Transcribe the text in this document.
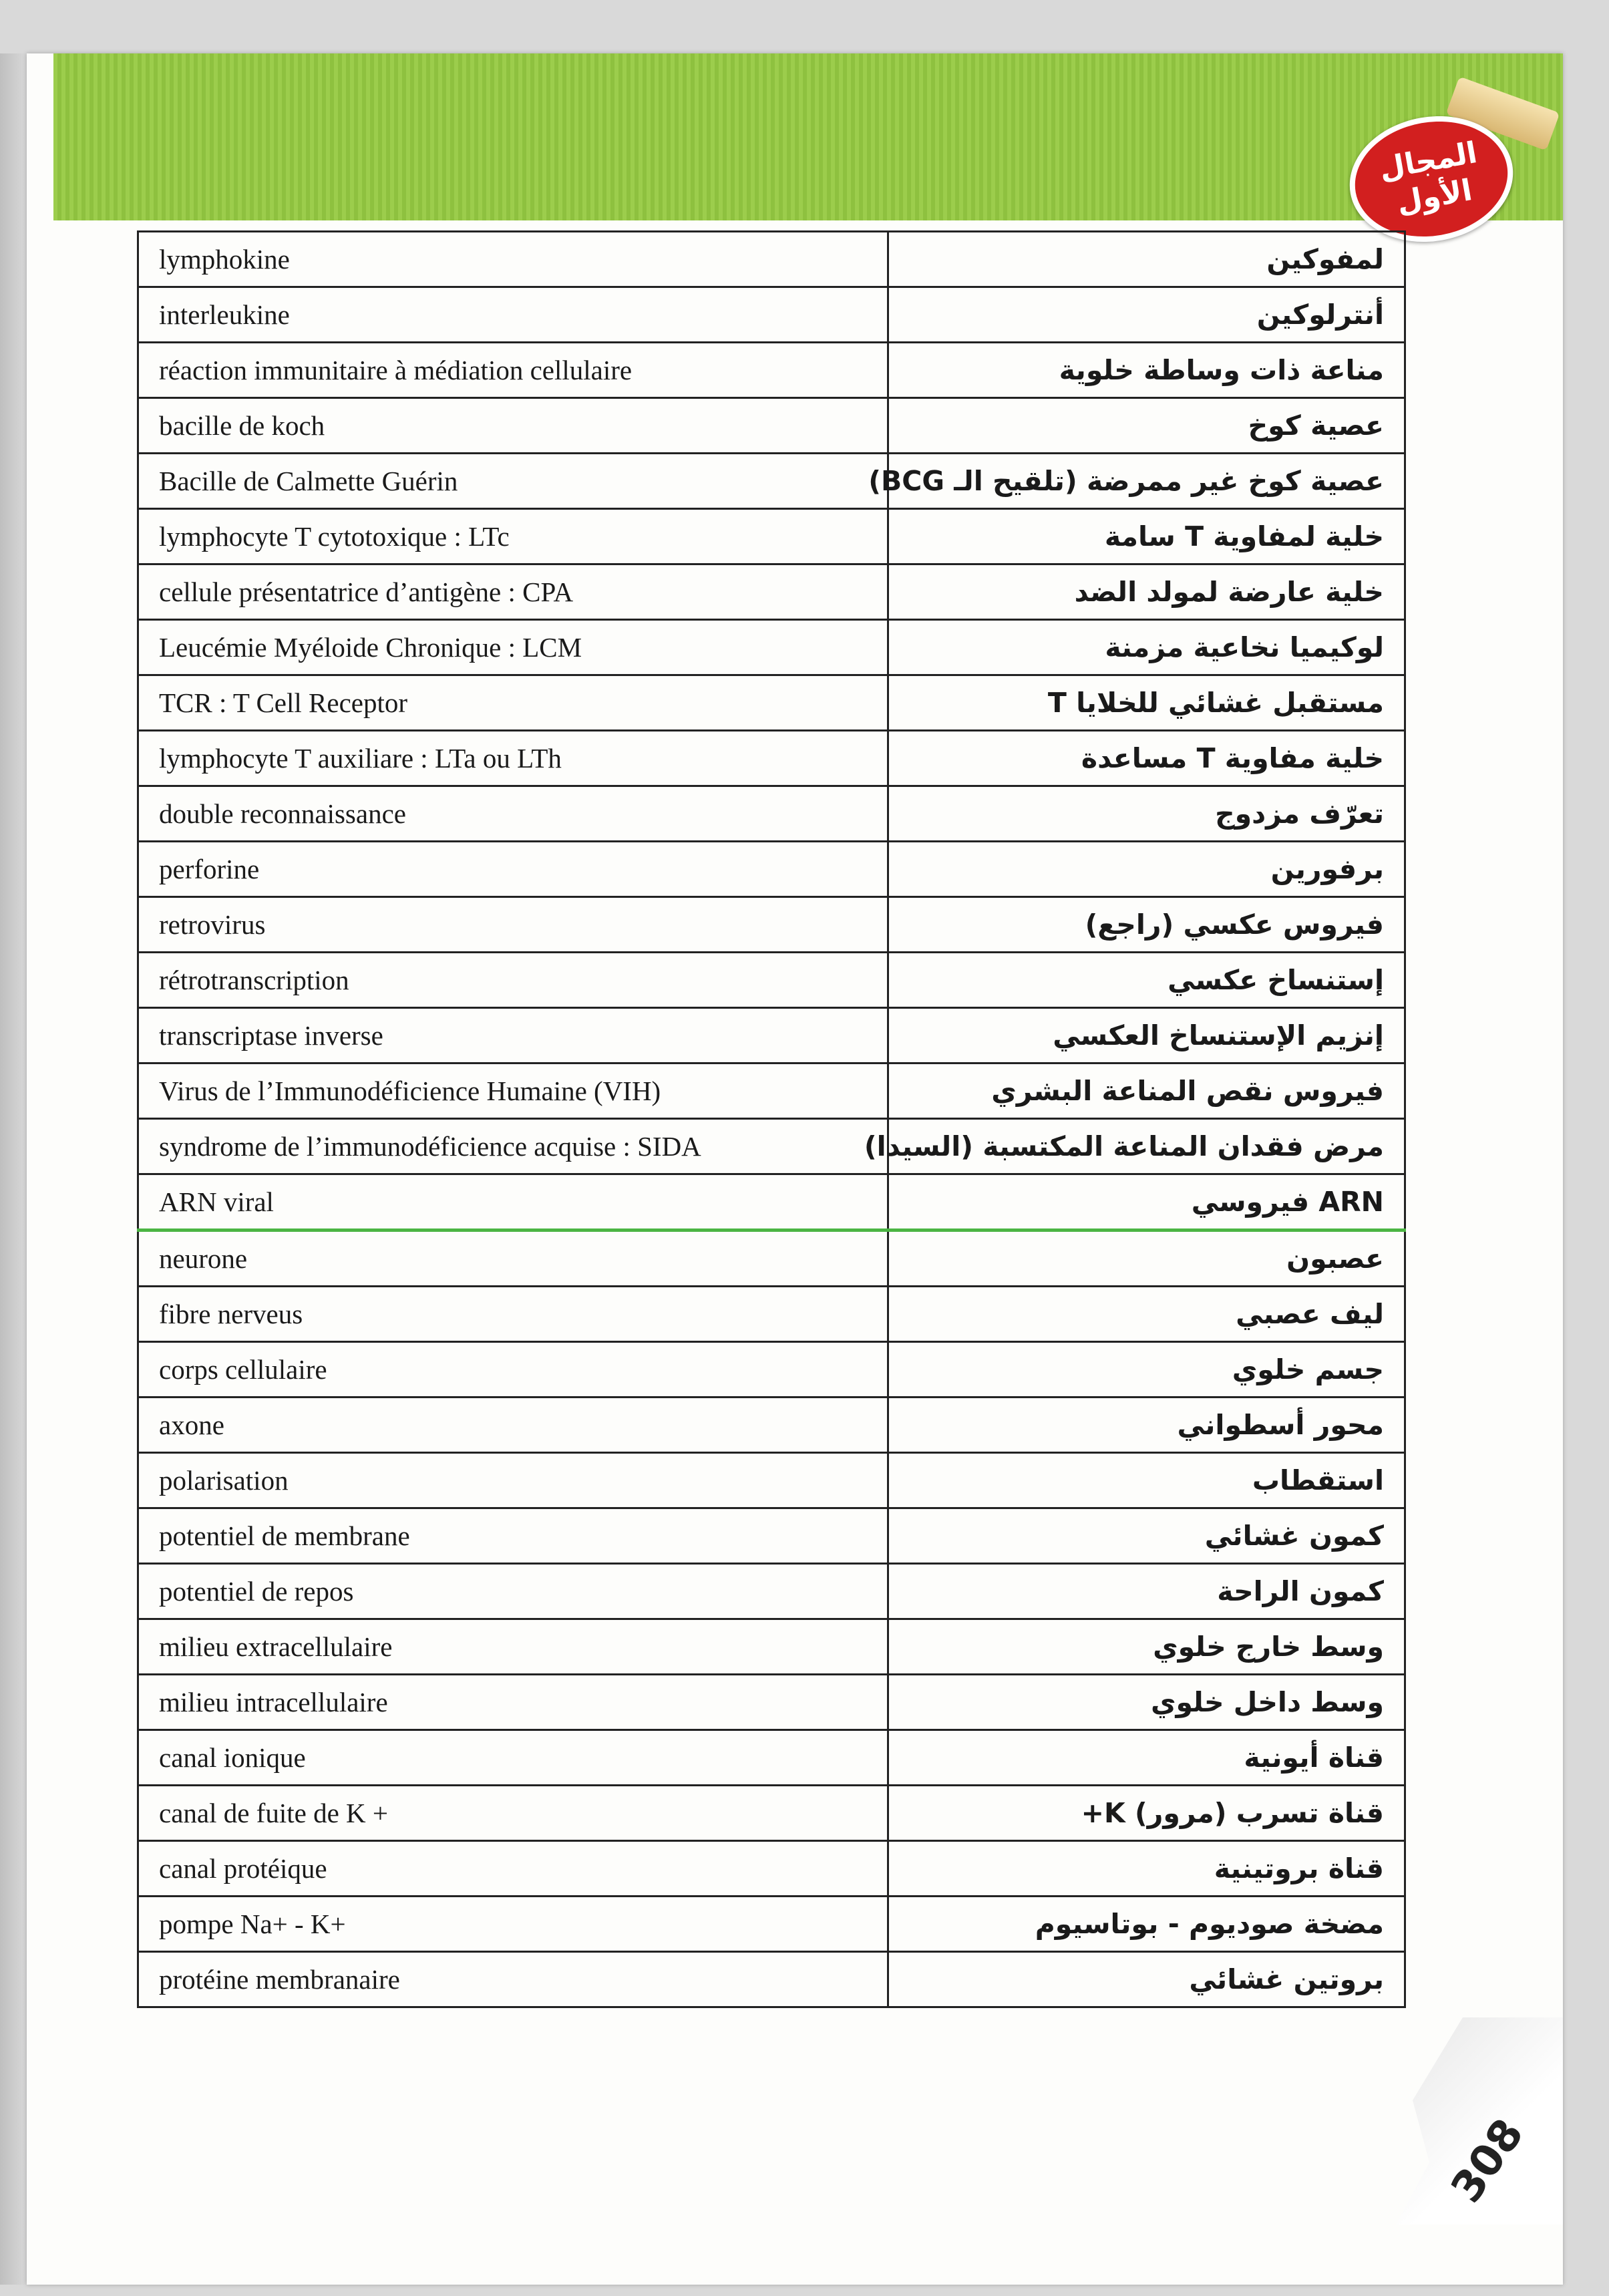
المجال
الأول
lymphokine	لمفوكين
interleukine	أنترلوكين
réaction immunitaire à médiation cellulaire	مناعة ذات وساطة خلوية
bacille de koch	عصية كوخ
Bacille de Calmette Guérin	عصية كوخ غير ممرضة (تلقيح الـ BCG)
lymphocyte T cytotoxique : LTc	خلية لمفاوية T سامة
cellule présentatrice d’antigène : CPA	خلية عارضة لمولد الضد
Leucémie Myéloide Chronique : LCM	لوكيميا نخاعية مزمنة
TCR : T Cell Receptor	مستقبل غشائي للخلايا T
lymphocyte T auxiliare : LTa ou LTh	خلية مفاوية T مساعدة
double reconnaissance	تعرّف مزدوج
perforine	برفورين
retrovirus	فيروس عكسي (راجع)
rétrotranscription	إستنساخ عكسي
transcriptase inverse	إنزيم الإستنساخ العكسي
Virus de l’Immunodéficience Humaine (VIH)	فيروس نقص المناعة البشري
syndrome de l’immunodéficience acquise : SIDA	مرض فقدان المناعة المكتسبة (السيدا)
ARN viral	ARN فيروسي
neurone	عصبون
fibre nerveus	ليف عصبي
corps cellulaire	جسم خلوي
axone	محور أسطواني
polarisation	استقطاب
potentiel de membrane	كمون غشائي
potentiel de repos	كمون الراحة
milieu extracellulaire	وسط خارج خلوي
milieu intracellulaire	وسط داخل خلوي
canal ionique	قناة أيونية
canal de fuite de K +	قناة تسرب (مرور) K+
canal protéique	قناة بروتينية
pompe Na+ - K+	مضخة صوديوم - بوتاسيوم
protéine membranaire	بروتين غشائي
308
